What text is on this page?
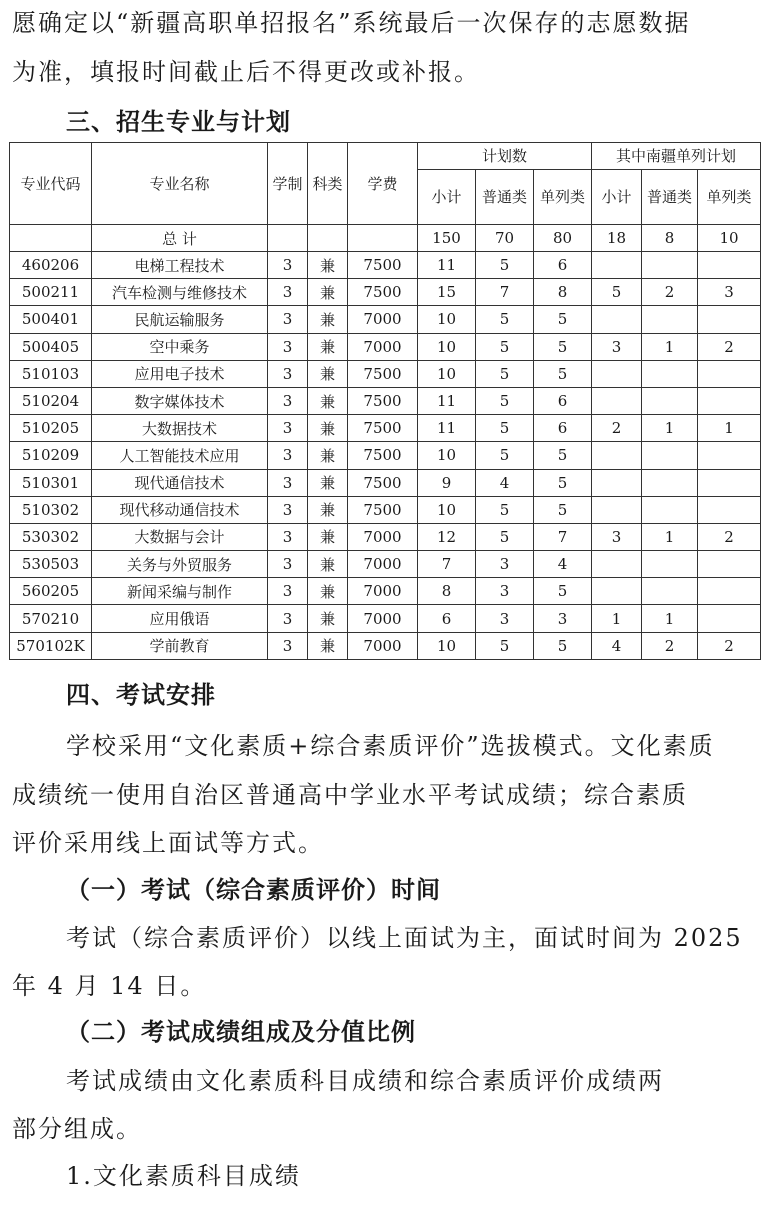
愿确定以“新疆高职单招报名”系统最后一次保存的志愿数据

为准，填报时间截止后不得更改或补报。

三、招生专业与计划
专业代码	专业名称	学制	科类	学费	计划数			其中南疆单列计划		
					小计	普通类	单列类	小计	普通类	单列类
	总 计				150	70	80	18	8	10
460206	电梯工程技术	3	兼	7500	11	5	6			
500211	汽车检测与维修技术	3	兼	7500	15	7	8	5	2	3
500401	民航运输服务	3	兼	7000	10	5	5			
500405	空中乘务	3	兼	7000	10	5	5	3	1	2
510103	应用电子技术	3	兼	7500	10	5	5			
510204	数字媒体技术	3	兼	7500	11	5	6			
510205	大数据技术	3	兼	7500	11	5	6	2	1	1
510209	人工智能技术应用	3	兼	7500	10	5	5			
510301	现代通信技术	3	兼	7500	9	4	5			
510302	现代移动通信技术	3	兼	7500	10	5	5			
530302	大数据与会计	3	兼	7000	12	5	7	3	1	2
530503	关务与外贸服务	3	兼	7000	7	3	4			
560205	新闻采编与制作	3	兼	7000	8	3	5			
570210	应用俄语	3	兼	7000	6	3	3	1	1	
570102K	学前教育	3	兼	7000	10	5	5	4	2	2
四、考试安排

学校采用“文化素质+综合素质评价”选拔模式。文化素质

成绩统一使用自治区普通高中学业水平考试成绩；综合素质

评价采用线上面试等方式。

（一）考试（综合素质评价）时间

考试（综合素质评价）以线上面试为主，面试时间为 2025

年 4 月 14 日。

（二）考试成绩组成及分值比例

考试成绩由文化素质科目成绩和综合素质评价成绩两

部分组成。

1.文化素质科目成绩
